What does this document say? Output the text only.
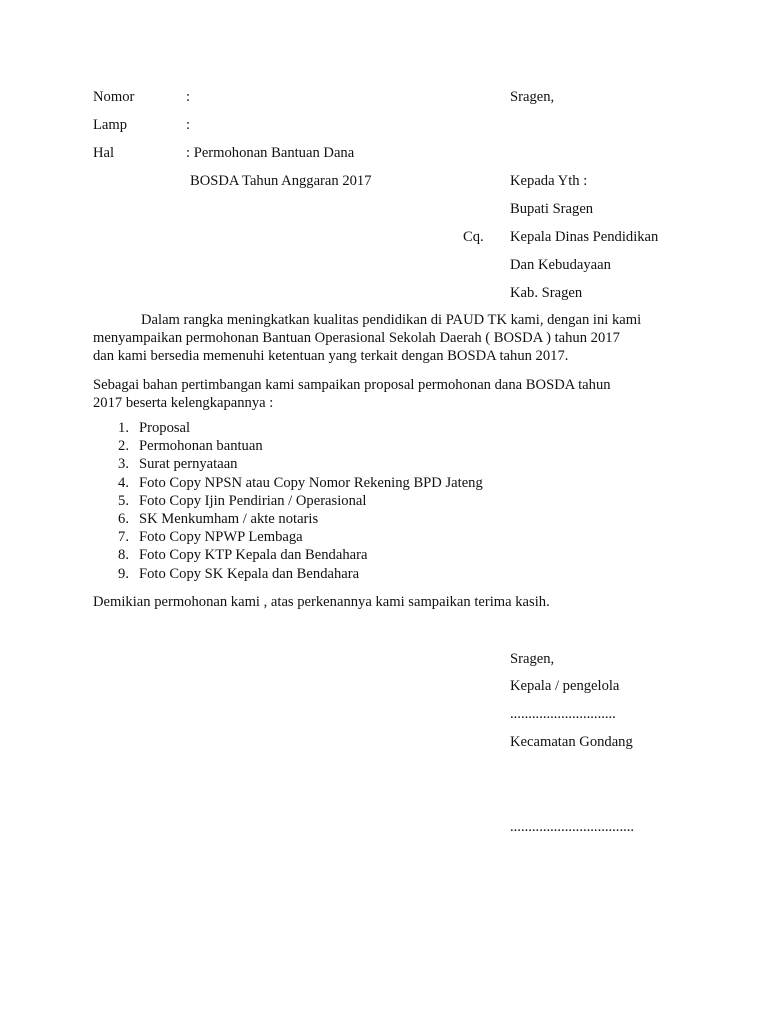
Nomor	:	Sragen,
Lamp	:
Hal	: Permohonan Bantuan Dana
BOSDA Tahun Anggaran 2017	Kepada Yth :
Bupati Sragen
Cq. Kepala Dinas Pendidikan
Dan Kebudayaan
Kab. Sragen
Dalam rangka meningkatkan kualitas pendidikan di PAUD TK kami, dengan ini kami
menyampaikan permohonan Bantuan Operasional Sekolah Daerah ( BOSDA ) tahun 2017
dan kami bersedia memenuhi ketentuan yang terkait dengan BOSDA tahun 2017.
Sebagai bahan pertimbangan kami sampaikan proposal permohonan dana BOSDA tahun
2017 beserta kelengkapannya :
1. Proposal
2. Permohonan bantuan
3. Surat pernyataan
4. Foto Copy NPSN atau Copy Nomor Rekening BPD Jateng
5. Foto Copy Ijin Pendirian / Operasional
6. SK Menkumham / akte notaris
7. Foto Copy NPWP Lembaga
8. Foto Copy KTP Kepala dan Bendahara
9. Foto Copy SK Kepala dan Bendahara
Demikian permohonan kami , atas perkenannya kami sampaikan terima kasih.
Sragen,
Kepala / pengelola
.............................
Kecamatan Gondang
..................................
